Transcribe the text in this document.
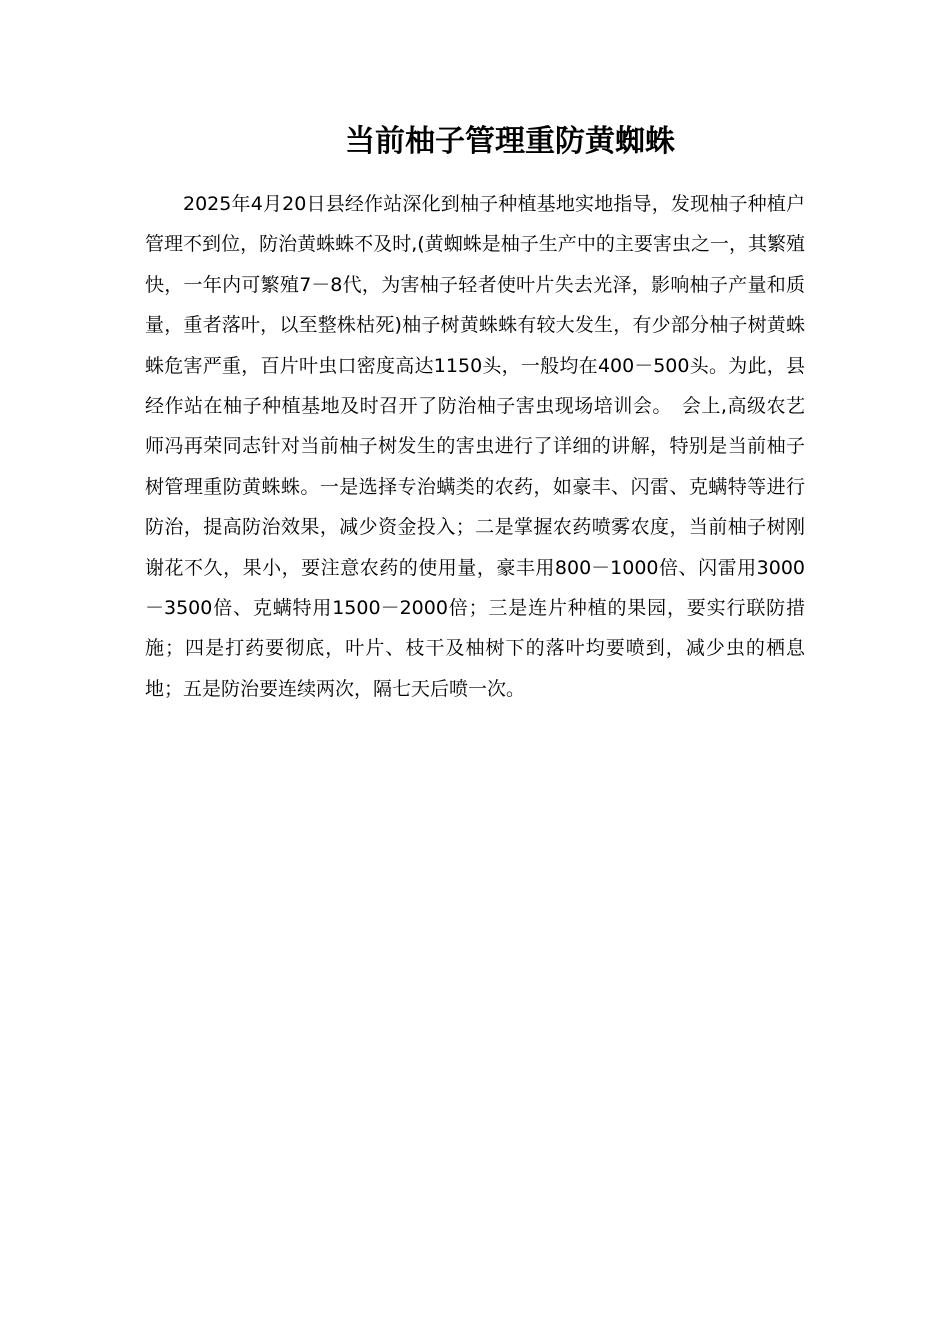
当前柚子管理重防黄蜘蛛

2025年4月20日县经作站深化到柚子种植基地实地指导，发现柚子种植户管理不到位，防治黄蛛蛛不及时,(黄蜘蛛是柚子生产中的主要害虫之一，其繁殖快，一年内可繁殖7－8代，为害柚子轻者使叶片失去光泽，影响柚子产量和质量，重者落叶，以至整株枯死)柚子树黄蛛蛛有较大发生，有少部分柚子树黄蛛蛛危害严重，百片叶虫口密度高达1150头，一般均在400－500头。为此，县经作站在柚子种植基地及时召开了防治柚子害虫现场培训会。　会上,高级农艺师冯再荣同志针对当前柚子树发生的害虫进行了详细的讲解，特别是当前柚子树管理重防黄蛛蛛。一是选择专治螨类的农药，如豪丰、闪雷、克螨特等进行防治，提高防治效果，减少资金投入；二是掌握农药喷雾农度，当前柚子树刚谢花不久，果小，要注意农药的使用量，豪丰用800－1000倍、闪雷用3000－3500倍、克螨特用1500－2000倍；三是连片种植的果园，要实行联防措施；四是打药要彻底，叶片、枝干及柚树下的落叶均要喷到，减少虫的栖息地；五是防治要连续两次，隔七天后喷一次。
